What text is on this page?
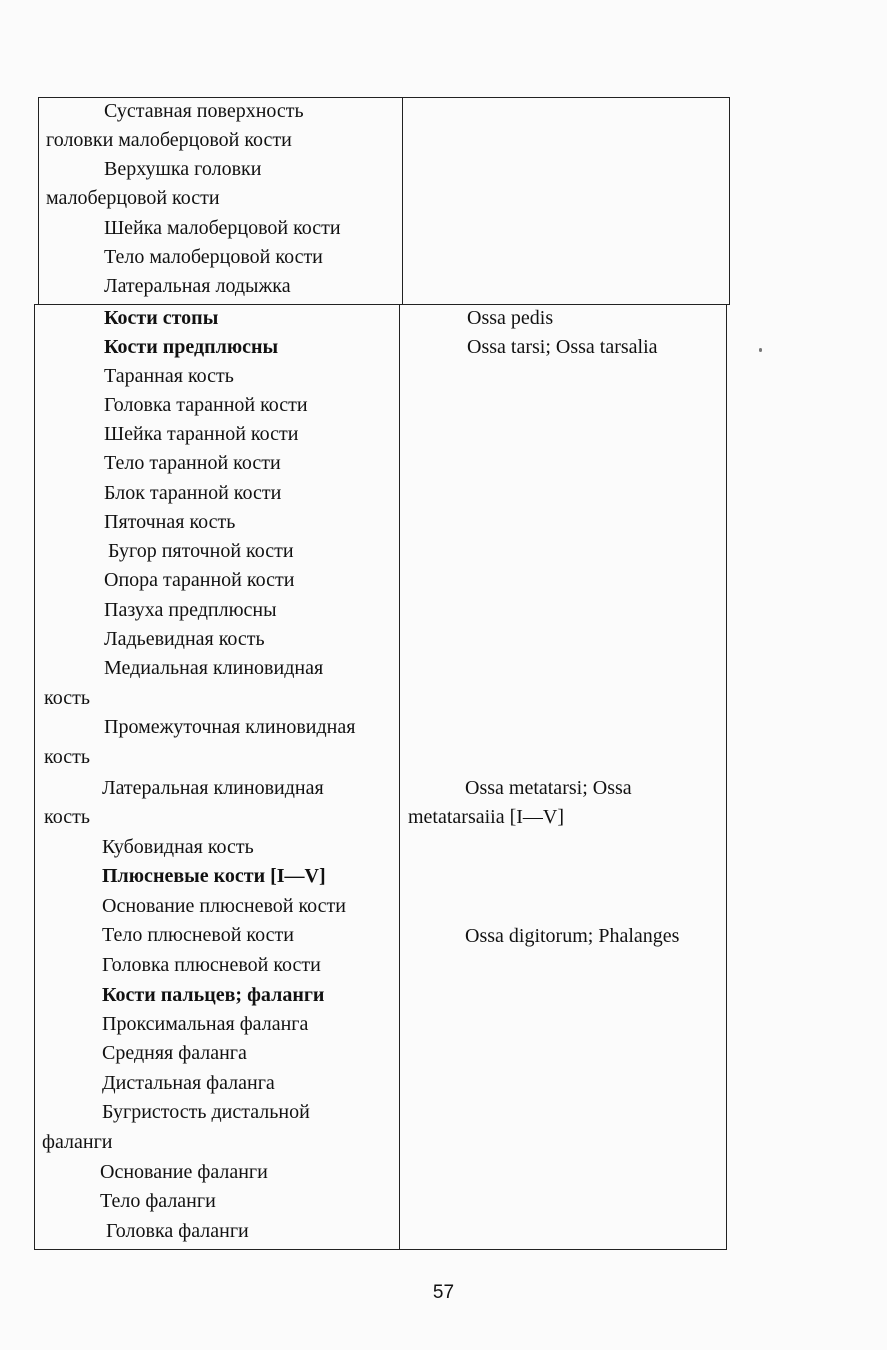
Суставная поверхность
головки малоберцовой кости
Верхушка головки
малоберцовой кости
Шейка малоберцовой кости
Тело малоберцовой кости
Латеральная лодыжка
Кости стопы
Кости предплюсны
Таранная кость
Головка таранной кости
Шейка таранной кости
Тело таранной кости
Блок таранной кости
Пяточная кость
Бугор пяточной кости
Опора таранной кости
Пазуха предплюсны
Ладьевидная кость
Медиальная клиновидная
кость
Промежуточная клиновидная
кость
Латеральная клиновидная
кость
Кубовидная кость
Плюсневые кости [I—V]
Основание плюсневой кости
Тело плюсневой кости
Головка плюсневой кости
Кости пальцев; фаланги
Проксимальная фаланга
Средняя фаланга
Дистальная фаланга
Бугристость дистальной
фаланги
Основание фаланги
Тело фаланги
Головка фаланги
Ossa pedis
Ossa tarsi; Ossa tarsalia
Ossa metatarsi; Ossa
metatarsaiia [I—V]
Ossa digitorum; Phalanges
57
